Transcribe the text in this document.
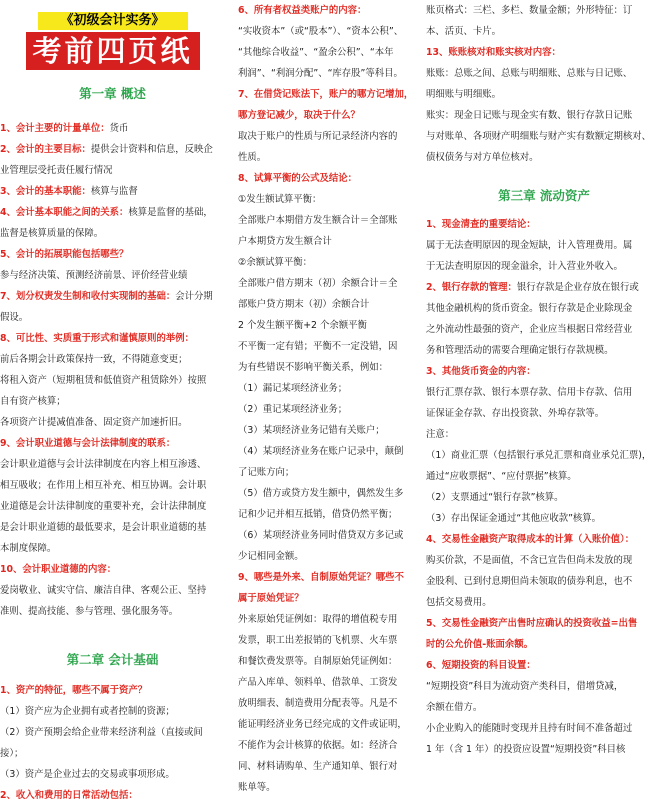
《初级会计实务》
考前四页纸

第一章 概述

1、会计主要的计量单位：货币

2、会计的主要目标：提供会计资料和信息，反映企

业管理层受托责任履行情况

3、会计的基本职能：核算与监督

4、会计基本职能之间的关系：核算是监督的基础，

监督是核算质量的保障。

5、会计的拓展职能包括哪些？

参与经济决策、预测经济前景、评价经营业绩

7、划分权责发生制和收付实现制的基础：会计分期

假设。

8、可比性、实质重于形式和谨慎原则的举例：

前后各期会计政策保持一致，不得随意变更；

将租入资产（短期租赁和低值资产租赁除外）按照

自有资产核算；

各项资产计提减值准备、固定资产加速折旧。

9、会计职业道德与会计法律制度的联系：

会计职业道德与会计法律制度在内容上相互渗透、

相互吸收；在作用上相互补充、相互协调。会计职

业道德是会计法律制度的重要补充，会计法律制度

是会计职业道德的最低要求，是会计职业道德的基

本制度保障。

10、会计职业道德的内容：

爱岗敬业、诚实守信、廉洁自律、客观公正、坚持

准则、提高技能、参与管理、强化服务等。

第二章 会计基础

1、资产的特征，哪些不属于资产？

（1）资产应为企业拥有或者控制的资源；

（2）资产预期会给企业带来经济利益（直接或间接）；

（3）资产是企业过去的交易或事项形成。

2、收入和费用的日常活动包括：

6、所有者权益类账户的内容：

“实收资本”（或“股本”）、“资本公积”、

“其他综合收益”、“盈余公积”、“本年

利润”、“利润分配”、“库存股”等科目。

7、在借贷记账法下，账户的哪方记增加，

哪方登记减少，取决于什么？

取决于账户的性质与所记录经济内容的

性质。

8、试算平衡的公式及结论：

①发生额试算平衡：

全部账户本期借方发生额合计＝全部账

户本期贷方发生额合计

②余额试算平衡：

全部账户借方期末（初）余额合计＝全

部账户贷方期末（初）余额合计

2 个发生额平衡+2 个余额平衡

不平衡一定有错；平衡不一定没错，因

为有些错误不影响平衡关系，例如：

（1）漏记某项经济业务；

（2）重记某项经济业务；

（3）某项经济业务记错有关账户；

（4）某项经济业务在账户记录中，颠倒

了记账方向；

（5）借方或贷方发生额中，偶然发生多

记和少记并相互抵销，借贷仍然平衡；

（6）某项经济业务同时借贷双方多记或

少记相同金额。

9、哪些是外来、自制原始凭证？哪些不

属于原始凭证？

外来原始凭证例如：取得的增值税专用

发票，职工出差报销的飞机票、火车票

和餐饮费发票等。自制原始凭证例如：

产品入库单、领料单、借款单、工资发

放明细表、制造费用分配表等。凡是不

能证明经济业务已经完成的文件或证明，

不能作为会计核算的依据。如：经济合

同、材料请购单、生产通知单、银行对

账单等。

账页格式：三栏、多栏、数量金额；外形特征：订

本、活页、卡片。

13、账账核对和账实核对内容：

账账：总账之间、总账与明细账、总账与日记账、

明细账与明细账。

账实：现金日记账与现金实有数、银行存款日记账

与对账单、各项财产明细账与财产实有数额定期核对、

债权债务与对方单位核对。

第三章 流动资产

1、现金清查的重要结论：

属于无法查明原因的现金短缺，计入管理费用。属

于无法查明原因的现金溢余，计入营业外收入。

2、银行存款的管理：银行存款是企业存放在银行或

其他金融机构的货币资金。银行存款是企业除现金

之外流动性最强的资产，企业应当根据日常经营业

务和管理活动的需要合理确定银行存款规模。

3、其他货币资金的内容：

银行汇票存款、银行本票存款、信用卡存款、信用

证保证金存款、存出投资款、外埠存款等。

注意：

（1）商业汇票（包括银行承兑汇票和商业承兑汇票)，

通过“应收票据”、“应付票据”核算。

（2）支票通过“银行存款”核算。

（3）存出保证金通过“其他应收款”核算。

4、交易性金融资产取得成本的计算（入账价值）：

购买价款，不是面值，不含已宣告但尚未发放的现

金股利、已到付息期但尚未领取的债券利息，也不

包括交易费用。

5、交易性金融资产出售时应确认的投资收益=出售

时的公允价值-账面余额。

6、短期投资的科目设置：

“短期投资”科目为流动资产类科目，借增贷减，

余额在借方。

小企业购入的能随时变现并且持有时间不准备超过

1 年（含 1 年）的投资应设置“短期投资”科目核
